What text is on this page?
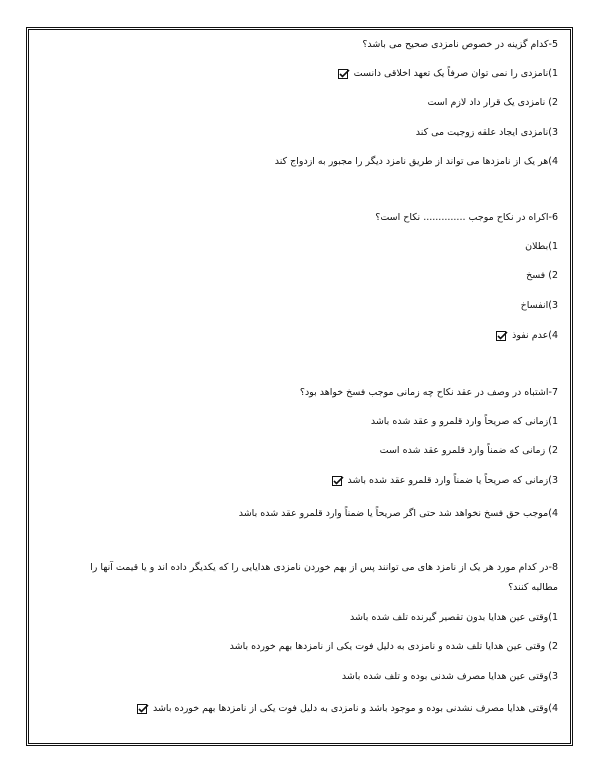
5-کدام گزینه در خصوص نامزدی صحیح می باشد؟
1)نامزدی را نمی توان صرفاً یک تعهد اخلاقی دانست
2) نامزدی یک قرار داد لازم است
3)نامزدی ایجاد علقه زوجیت می کند
4)هر یک از نامزدها می تواند از طریق نامزد دیگر را مجبور به ازدواج کند
6-اکراه در نکاح موجب .............. نکاح است؟
1)بطلان
2) فسخ
3)انفساخ
4)عدم نفوذ
7-اشتباه در وصف در عقد نکاح چه زمانی موجب فسخ خواهد بود؟
1)زمانی که صریحاً وارد قلمرو و عقد شده باشد
2) زمانی که ضمناً وارد قلمرو عقد شده است
3)زمانی که صریحاً یا ضمناً وارد قلمرو عقد شده باشد
4)موجب حق فسخ نخواهد شد حتی اگر صریحاً یا ضمناً وارد قلمرو عقد شده باشد
8-در کدام مورد هر یک از نامزد های می توانند پس از بهم خوردن نامزدی هدایایی را که یکدیگر داده اند و یا قیمت آنها را مطالبه کنند؟
1)وقتی عین هدایا بدون تقصیر گیرنده تلف شده باشد
2) وقتی عین هدایا تلف شده و نامزدی به دلیل فوت یکی از نامزدها بهم خورده باشد
3)وقتی عین هدایا مصرف شدنی بوده و تلف شده باشد
4)وقتی هدایا مصرف نشدنی بوده و موجود باشد و نامزدی به دلیل فوت یکی از نامزدها بهم خورده باشد
